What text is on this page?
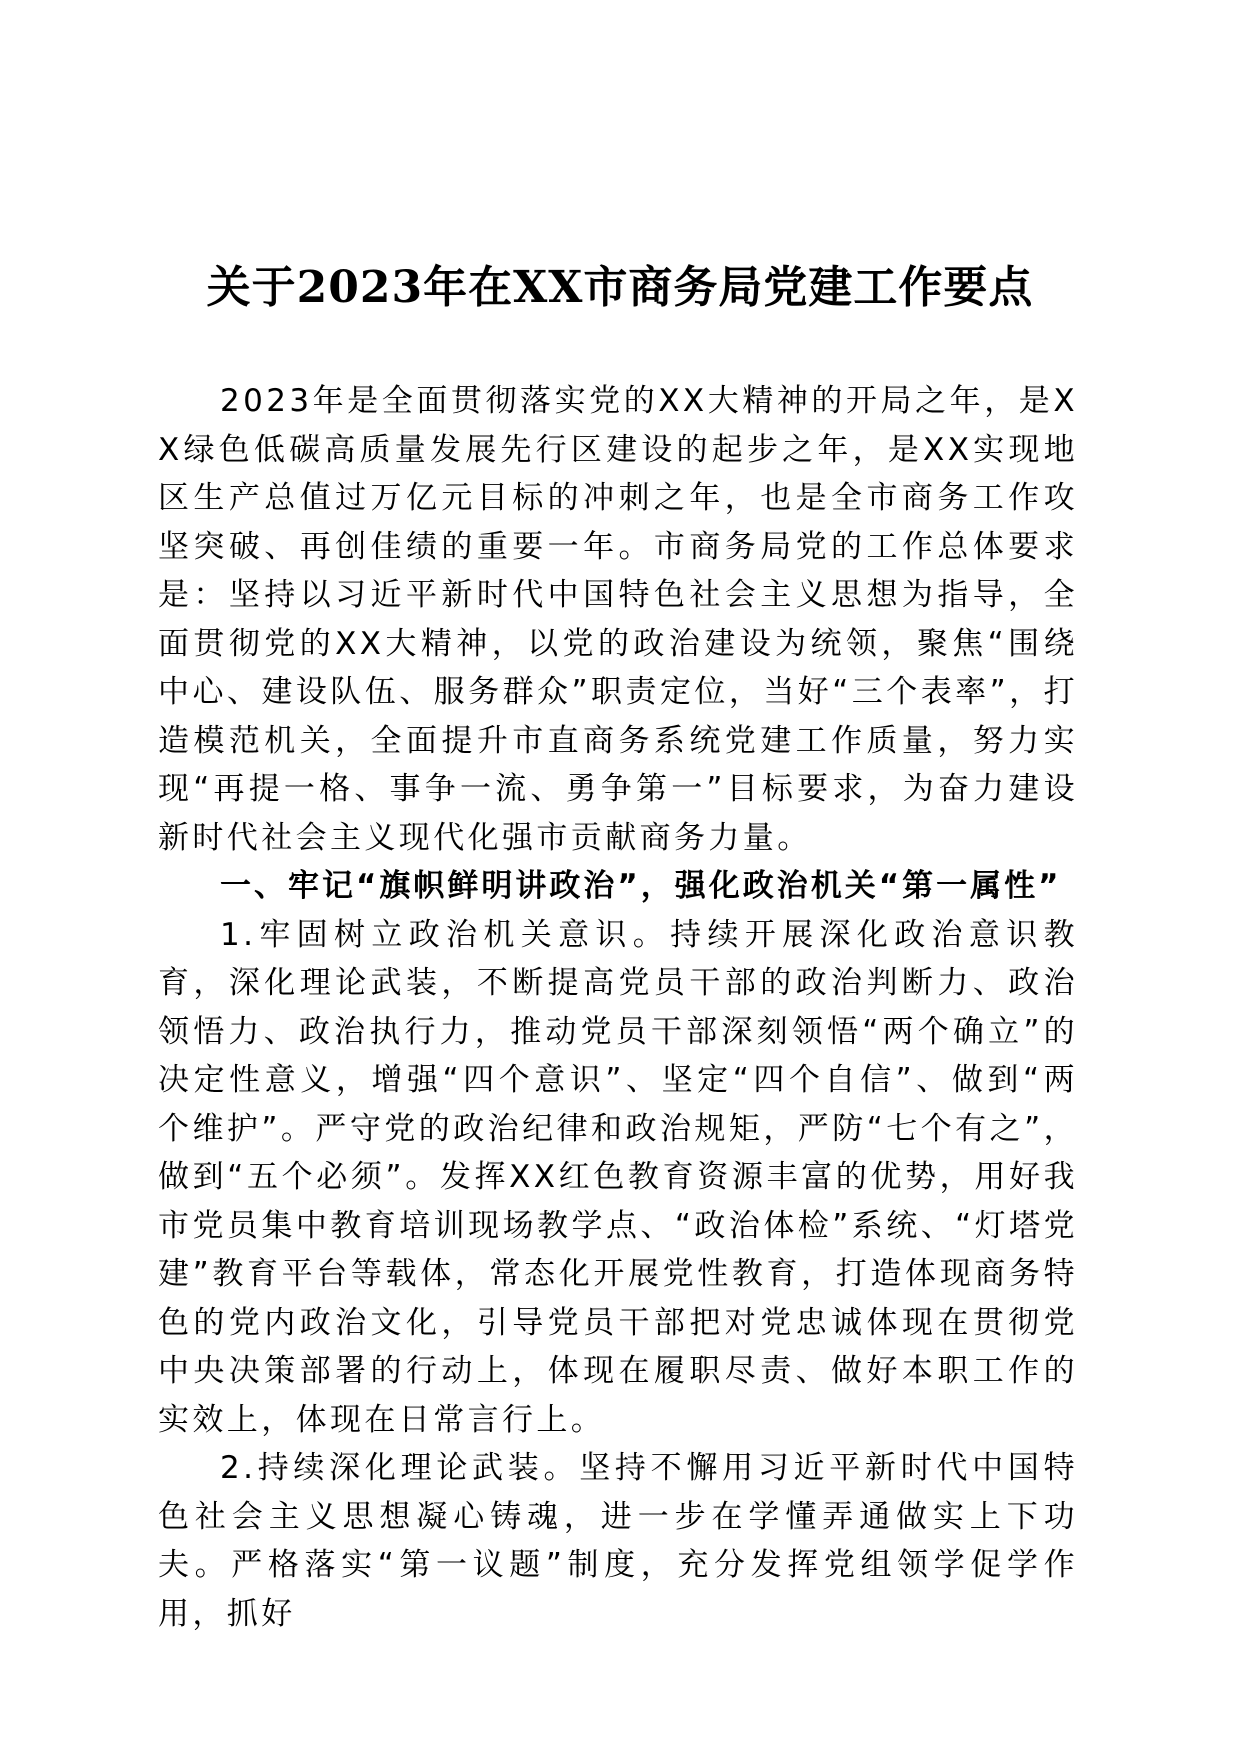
关于2023年在XX市商务局党建工作要点

2023年是全面贯彻落实党的XX大精神的开局之年，是XX绿色低碳高质量发展先行区建设的起步之年，是XX实现地区生产总值过万亿元目标的冲刺之年，也是全市商务工作攻坚突破、再创佳绩的重要一年。市商务局党的工作总体要求是：坚持以习近平新时代中国特色社会主义思想为指导，全面贯彻党的XX大精神，以党的政治建设为统领，聚焦“围绕中心、建设队伍、服务群众”职责定位，当好“三个表率”，打造模范机关，全面提升市直商务系统党建工作质量，努力实现“再提一格、事争一流、勇争第一”目标要求，为奋力建设新时代社会主义现代化强市贡献商务力量。

一、牢记“旗帜鲜明讲政治”，强化政治机关“第一属性”

1.牢固树立政治机关意识。持续开展深化政治意识教育，深化理论武装，不断提高党员干部的政治判断力、政治领悟力、政治执行力，推动党员干部深刻领悟“两个确立”的决定性意义，增强“四个意识”、坚定“四个自信”、做到“两个维护”。严守党的政治纪律和政治规矩，严防“七个有之”，做到“五个必须”。发挥XX红色教育资源丰富的优势，用好我市党员集中教育培训现场教学点、“政治体检”系统、“灯塔党建”教育平台等载体，常态化开展党性教育，打造体现商务特色的党内政治文化，引导党员干部把对党忠诚体现在贯彻党中央决策部署的行动上，体现在履职尽责、做好本职工作的实效上，体现在日常言行上。

2.持续深化理论武装。坚持不懈用习近平新时代中国特色社会主义思想凝心铸魂，进一步在学懂弄通做实上下功夫。严格落实“第一议题”制度，充分发挥党组领学促学作用，抓好
